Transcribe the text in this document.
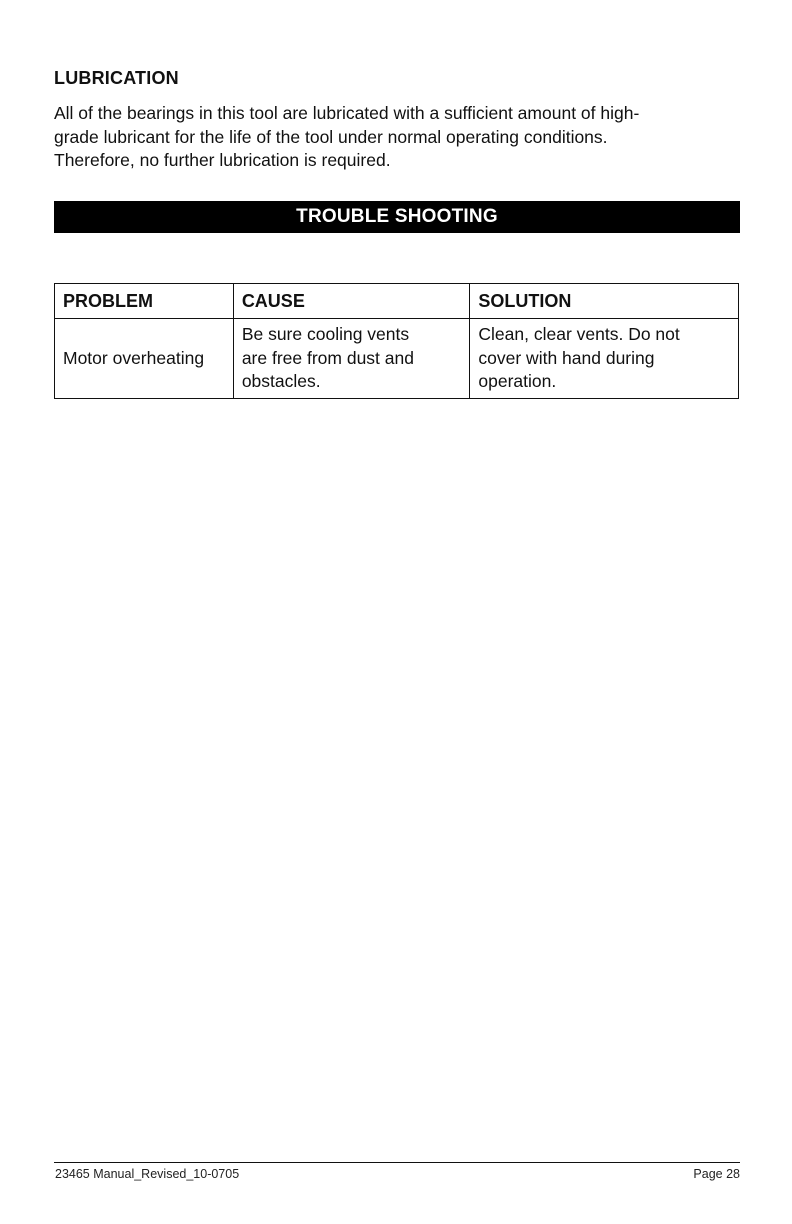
LUBRICATION

All of the bearings in this tool are lubricated with a sufficient amount of high-
grade lubricant for the life of the tool under normal operating conditions.
Therefore, no further lubrication is required.

TROUBLE SHOOTING
PROBLEM	CAUSE	SOLUTION

Motor overheating	Be sure cooling vents
are free from dust and
obstacles.	Clean, clear vents. Do not
cover with hand during
operation.
23465 Manual_Revised_10-0705	Page 28
